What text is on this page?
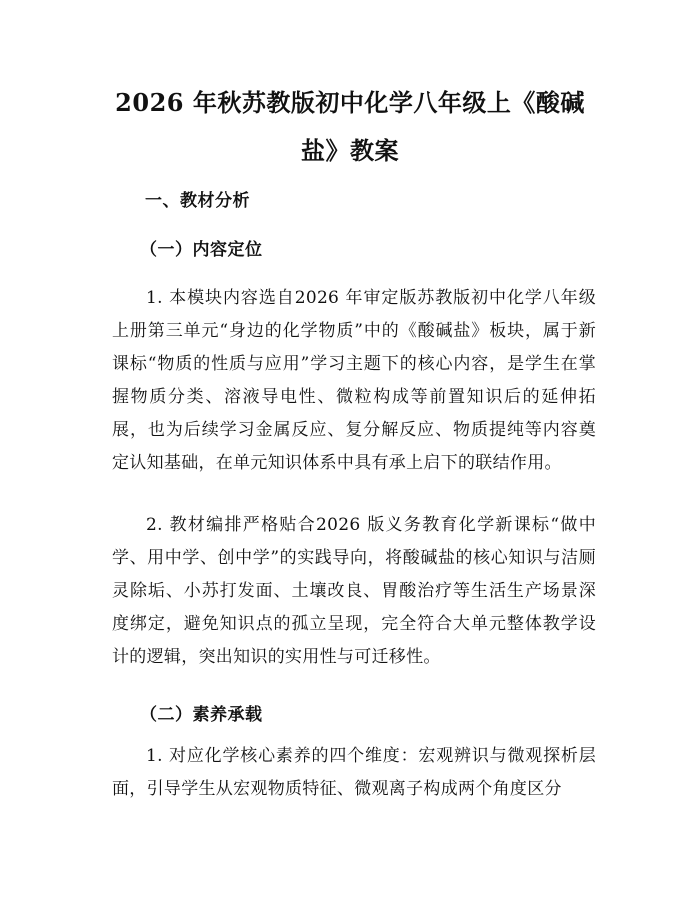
2026 年秋苏教版初中化学八年级上《酸碱
盐》教案
一、教材分析
（一）内容定位

1. 本模块内容选自2026 年审定版苏教版初中化学八年级上册第三单元“身边的化学物质”中的《酸碱盐》板块，属于新课标“物质的性质与应用”学习主题下的核心内容，是学生在掌握物质分类、溶液导电性、微粒构成等前置知识后的延伸拓展，也为后续学习金属反应、复分解反应、物质提纯等内容奠定认知基础，在单元知识体系中具有承上启下的联结作用。

2. 教材编排严格贴合2026 版义务教育化学新课标“做中学、用中学、创中学”的实践导向，将酸碱盐的核心知识与洁厕灵除垢、小苏打发面、土壤改良、胃酸治疗等生活生产场景深度绑定，避免知识点的孤立呈现，完全符合大单元整体教学设计的逻辑，突出知识的实用性与可迁移性。

（二）素养承载

1. 对应化学核心素养的四个维度：宏观辨识与微观探析层面，引导学生从宏观物质特征、微观离子构成两个角度区分
